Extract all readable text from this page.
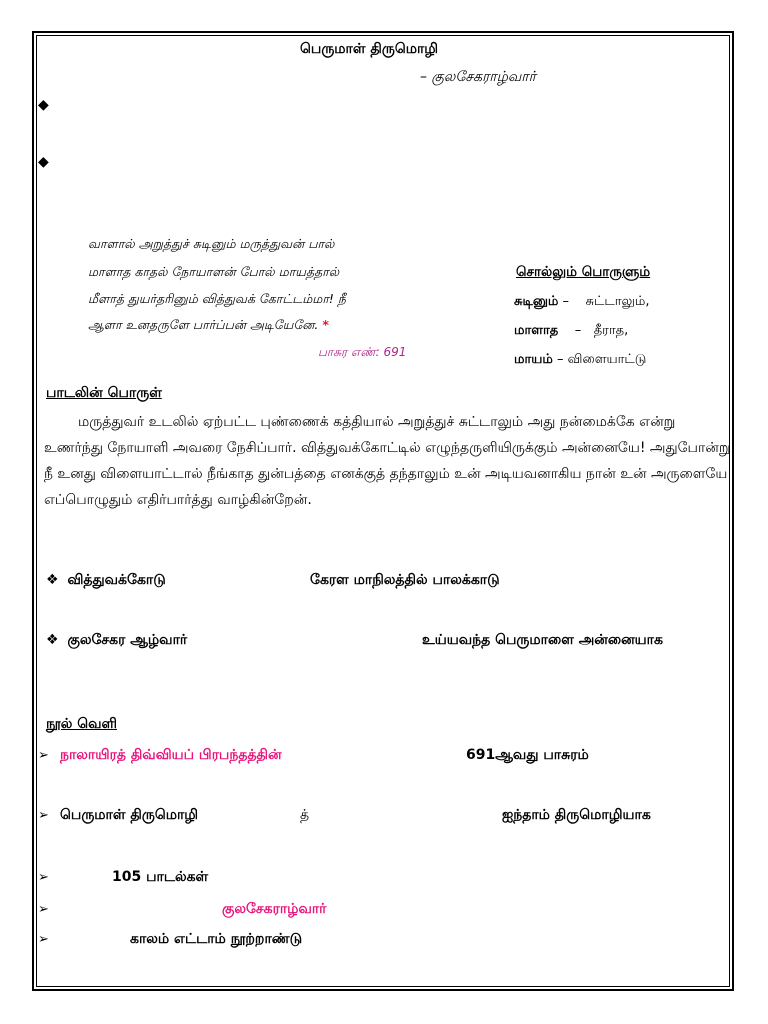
பெருமாள் திருமொழி
– குலசேகராழ்வார்
◆
◆
வாளால் அறுத்துச் சுடினும் மருத்துவன் பால்
மாளாத காதல் நோயாளன் போல் மாயத்தால்
மீளாத் துயர்தரினும் வித்துவக் கோட்டம்மா! நீ
ஆளா உனதருளே பார்ப்பன் அடியேனே. *
பாசுர எண்: 691
சொல்லும் பொருளும்
சுடினும் – சுட்டாலும்,
மாளாத    – தீராத,
மாயம் – விளையாட்டு
பாடலின் பொருள்

மருத்துவர் உடலில் ஏற்பட்ட புண்ணைக் கத்தியால் அறுத்துச் சுட்டாலும் அது நன்மைக்கே என்று உணர்ந்து நோயாளி அவரை நேசிப்பார். வித்துவக்கோட்டில் எழுந்தருளியிருக்கும் அன்னையே! அதுபோன்று நீ உனது விளையாட்டால் நீங்காத துன்பத்தை எனக்குத் தந்தாலும் உன் அடியவனாகிய நான் உன் அருளையே எப்பொழுதும் எதிர்பார்த்து வாழ்கின்றேன்.

❖ வித்துவக்கோடு	கேரள மாநிலத்தில் பாலக்காடு
❖ குலசேகர ஆழ்வார்	உய்யவந்த பெருமாளை அன்னையாக
நூல் வெளி
➢ நாலாயிரத் திவ்வியப் பிரபந்தத்தின்	691ஆவது பாசுரம்
➢ பெருமாள் திருமொழி	த்	ஐந்தாம் திருமொழியாக
➢	105 பாடல்கள்
➢	குலசேகராழ்வார்
➢	காலம் எட்டாம் நூற்றாண்டு
